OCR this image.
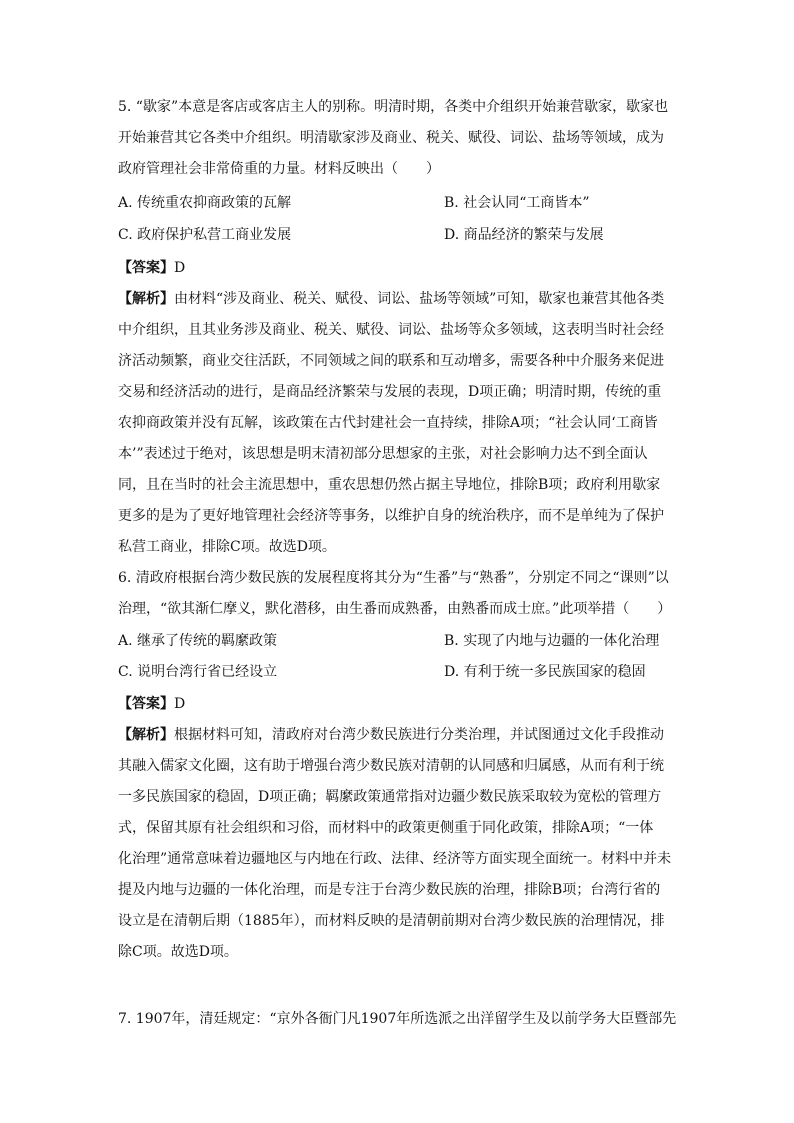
5. “歇家”本意是客店或客店主人的别称。明清时期，各类中介组织开始兼营歇家，歇家也
开始兼营其它各类中介组织。明清歇家涉及商业、税关、赋役、词讼、盐场等领域，成为
政府管理社会非常倚重的力量。材料反映出（　　）
A. 传统重农抑商政策的瓦解	B. 社会认同“工商皆本”
C. 政府保护私营工商业发展	D. 商品经济的繁荣与发展
【答案】D
【解析】由材料“涉及商业、税关、赋役、词讼、盐场等领域”可知，歇家也兼营其他各类
中介组织，且其业务涉及商业、税关、赋役、词讼、盐场等众多领域，这表明当时社会经
济活动频繁，商业交往活跃，不同领域之间的联系和互动增多，需要各种中介服务来促进
交易和经济活动的进行，是商品经济繁荣与发展的表现，D项正确；明清时期，传统的重
农抑商政策并没有瓦解，该政策在古代封建社会一直持续，排除A项；“社会认同‘工商皆
本’”表述过于绝对，该思想是明末清初部分思想家的主张，对社会影响力达不到全面认
同，且在当时的社会主流思想中，重农思想仍然占据主导地位，排除B项；政府利用歇家
更多的是为了更好地管理社会经济等事务，以维护自身的统治秩序，而不是单纯为了保护
私营工商业，排除C项。故选D项。
6. 清政府根据台湾少数民族的发展程度将其分为“生番”与“熟番”，分别定不同之“课则”以
治理，“欲其渐仁摩义，默化潜移，由生番而成熟番，由熟番而成士庶。”此项举措（　　）
A. 继承了传统的羁縻政策	B. 实现了内地与边疆的一体化治理
C. 说明台湾行省已经设立	D. 有利于统一多民族国家的稳固
【答案】D
【解析】根据材料可知，清政府对台湾少数民族进行分类治理，并试图通过文化手段推动
其融入儒家文化圈，这有助于增强台湾少数民族对清朝的认同感和归属感，从而有利于统
一多民族国家的稳固，D项正确；羁縻政策通常指对边疆少数民族采取较为宽松的管理方
式，保留其原有社会组织和习俗，而材料中的政策更侧重于同化政策，排除A项；“一体
化治理”通常意味着边疆地区与内地在行政、法律、经济等方面实现全面统一。材料中并未
提及内地与边疆的一体化治理，而是专注于台湾少数民族的治理，排除B项；台湾行省的
设立是在清朝后期（1885年），而材料反映的是清朝前期对台湾少数民族的治理情况，排
除C项。故选D项。
7. 1907年，清廷规定：“京外各衙门凡1907年所选派之出洋留学生及以前学务大臣暨部先
